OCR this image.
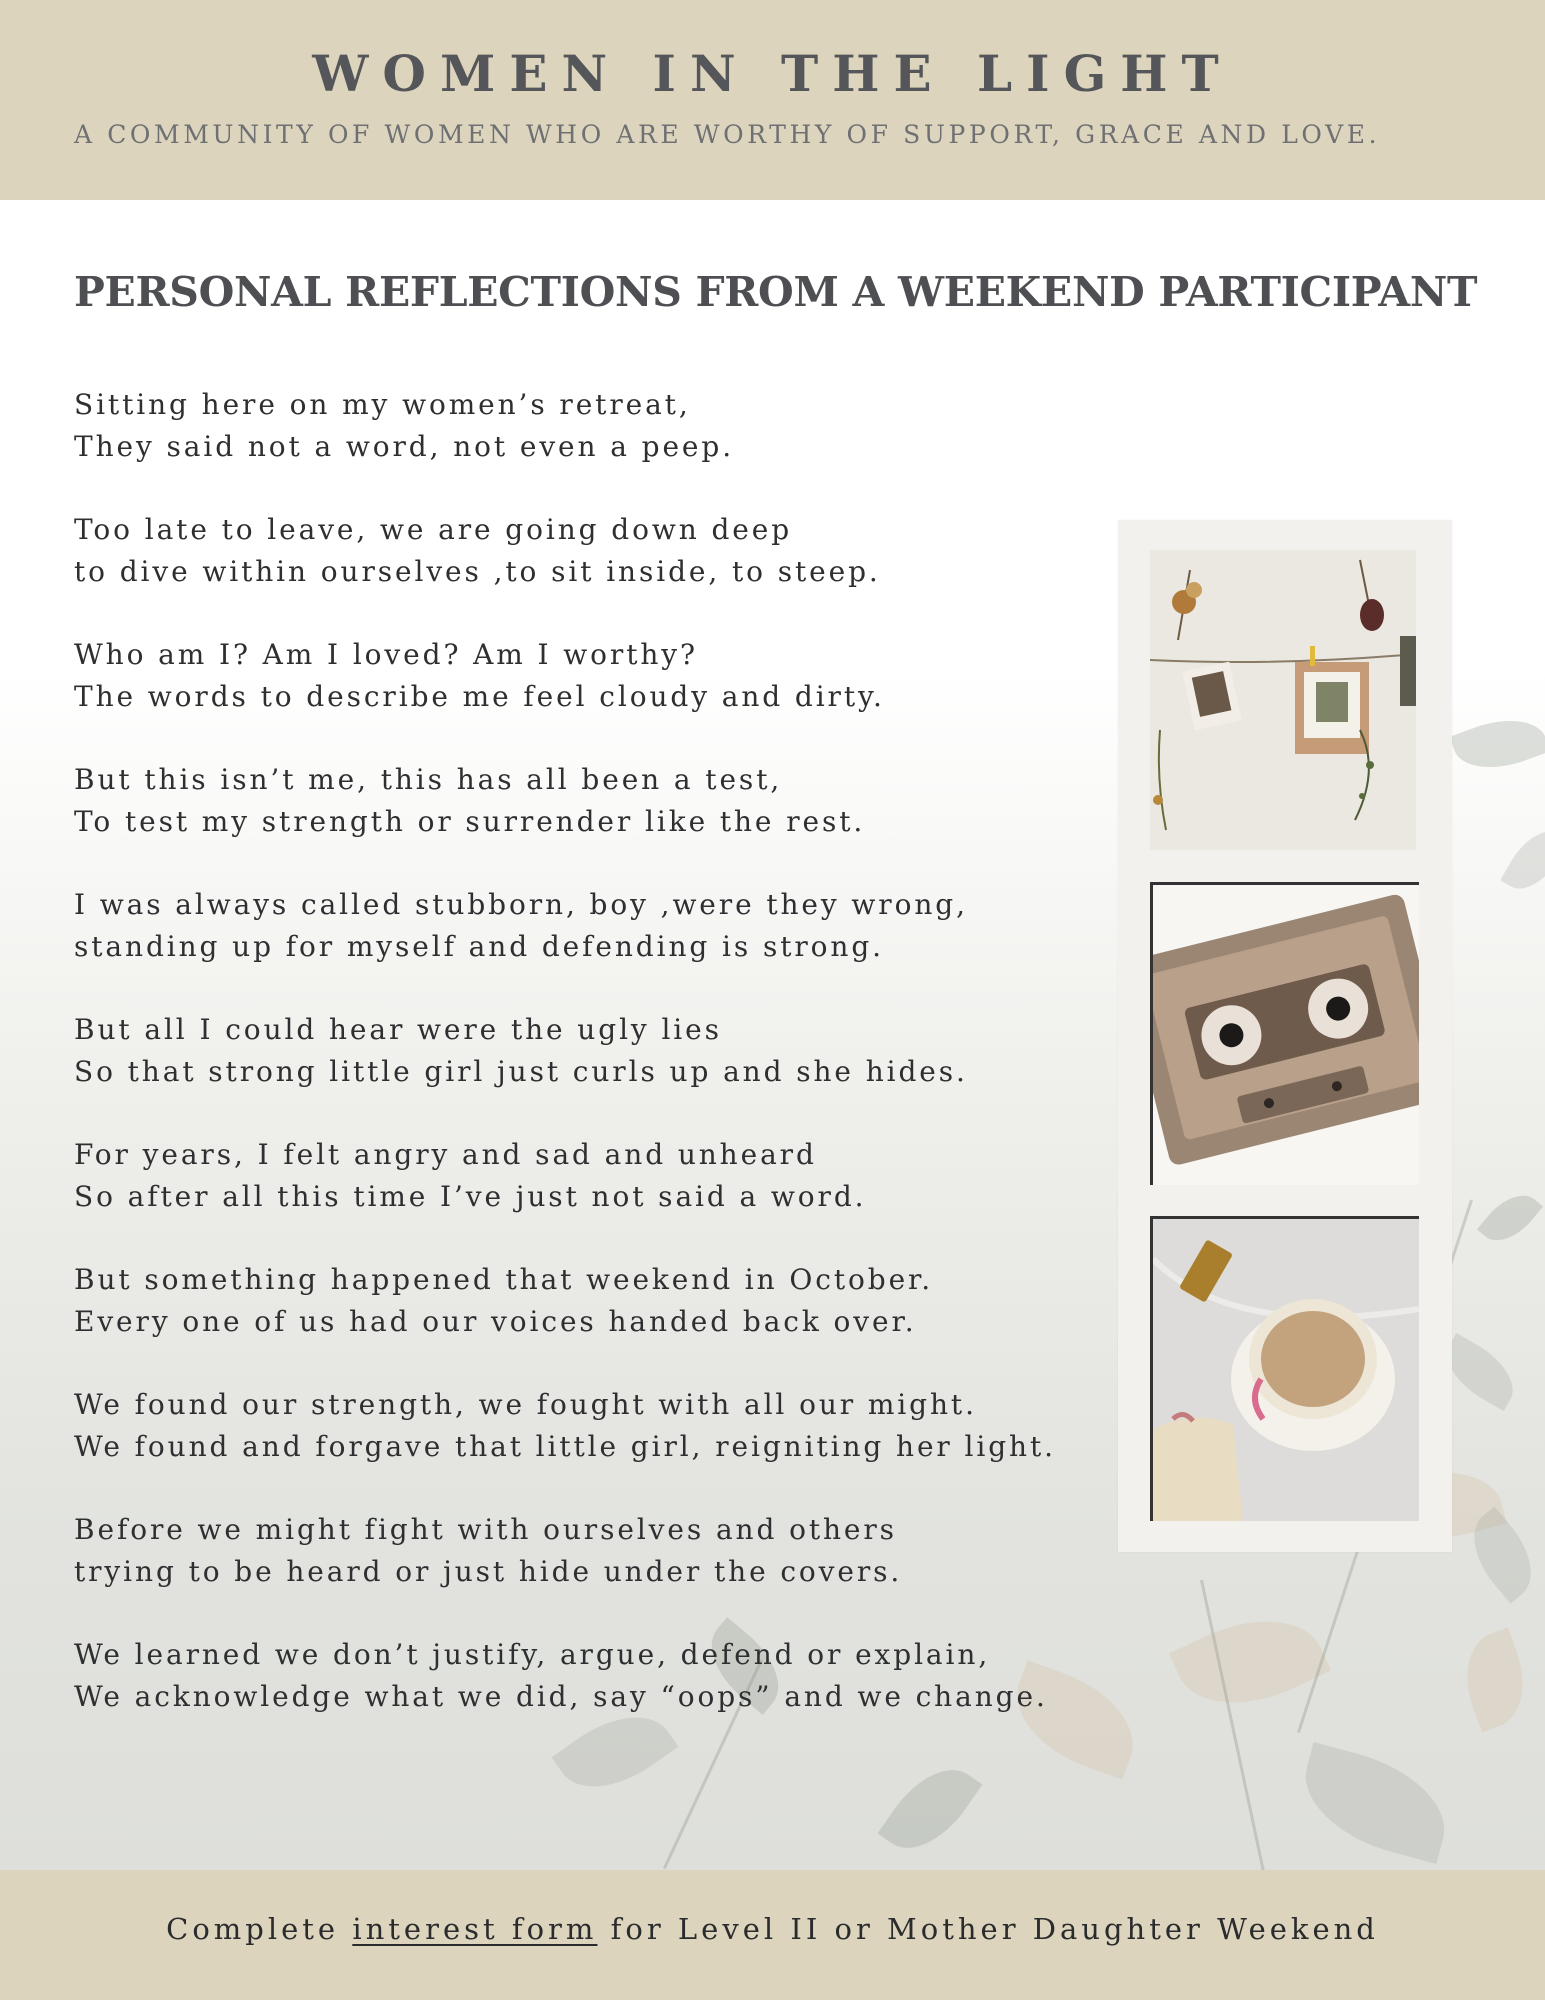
WOMEN IN THE LIGHT
A COMMUNITY OF WOMEN WHO ARE WORTHY OF SUPPORT, GRACE AND LOVE.
PERSONAL REFLECTIONS FROM A WEEKEND PARTICIPANT
Sitting here on my women’s retreat,
They said not a word, not even a peep.
Too late to leave, we are going down deep
to dive within ourselves ,to sit inside, to steep.
Who am I? Am I loved? Am I worthy?
The words to describe me feel cloudy and dirty.
But this isn’t me, this has all been a test,
To test my strength or surrender like the rest.
I was always called stubborn, boy ,were they wrong,
standing up for myself and defending is strong.
But all I could hear were the ugly lies
So that strong little girl just curls up and she hides.
For years, I felt angry and sad and unheard
So after all this time I’ve just not said a word.
But something happened that weekend in October.
Every one of us had our voices handed back over.
We found our strength, we fought with all our might.
We found and forgave that little girl, reigniting her light.
Before we might fight with ourselves and others
trying to be heard or just hide under the covers.
We learned we don’t justify, argue, defend or explain,
We acknowledge what we did, say “oops” and we change.
Complete interest form for Level II or Mother Daughter Weekend
